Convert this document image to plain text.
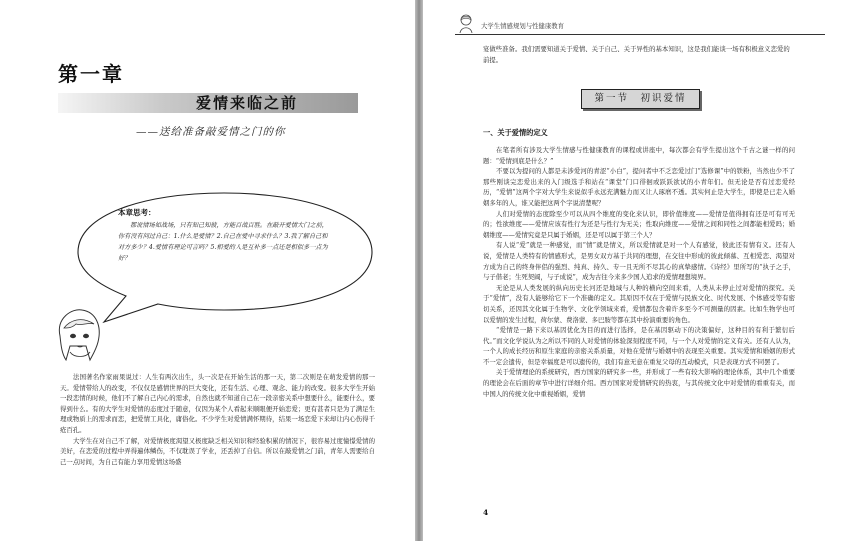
第一章
爱情来临之前
——送给准备敲爱情之门的你
本章思考：
都说情场如战场，只有知己知彼，方能百战百胜。在敲开爱情大门之前，你有没有问过自己：1.什么是爱情？2.自己在爱中寻求什么？3.我了解自己和对方多少？4.爱情有理论可言吗？5.相爱的人是互补多一点还是相似多一点为好？

法国著名作家雨果说过：人生有两次出生，头一次是在开始生活的那一天，第二次则是在萌发爱情的那一天。爱情带给人的改变，不仅仅是感情世界的巨大变化，还有生活、心理、观念、能力的改变。很多大学生开始一段恋情的时候，他们不了解自己内心的需求，自然也就不知道自己在一段亲密关系中想要什么，能要什么，要得到什么。有的大学生对爱情的态度过于随意，仅因为某个人看起来顺眼便开始恋爱；更有甚者只是为了满足生理或物质上的需求而恋，把爱情工具化，庸俗化。不少学生对爱情满怀期待，结果一场恋爱下来却让内心伤得千疮百孔。

大学生在对自己不了解，对爱情极度渴望又极度缺乏相关知识和经验积累的情况下，很容易过度憧憬爱情的美好，在恋爱的过程中弄得遍体鳞伤，不仅耽误了学业，还丢掉了自信。所以在敲爱情之门前，青年人需要给自己一点时间，为自己有能力享用爱情这场盛

大学生情感规划与性健康教育
宴做些准备。我们需要知道关于爱情、关于自己、关于异性的基本知识，这是我们能谈一场有积极意义恋爱的前提。
第一节　初识爱情
一、关于爱情的定义

在笔者所有涉及大学生情感与性健康教育的课程或讲座中，每次都会有学生提出这个千古之谜一样的问题：“爱情到底是什么？”

不要以为提问的人都是未涉爱河的青涩“小白”，提问者中不乏恋爱过门“选修课”中的铁粉，当然也少不了那些刚谈完恋爱出来的入门级选手和站在“课堂”门口徘徊或跃跃欲试的小青年们。但无论是否有过恋爱经历，“爱情”这两个字对大学生来说似乎永远充满魅力而又让人琢磨不透。其实何止是大学生，即使是已走入婚姻多年的人，谁又能把这两个字说清楚呢？

人们对爱情的态度除至少可以从四个维度的变化来认识，即价值维度——爱情是值得拥有还是可有可无的；性欲维度——爱情应该有性行为还是与性行为无关；性取向维度——爱情之间和同性之间都能相爱吗；婚姻维度——爱情究竟是只属于婚姻，还是可以属于第三个人？

有人说“爱”就是一种感觉，而“情”就是情义，所以爱情就是对一个人有感觉，彼此还有情有义。还有人说，爱情是人类特有的情感形式，是男女双方基于共同的理想，在交往中形成的彼此倾慕、互相爱恋、渴望对方成为自己的终身伴侣的强烈、纯真、持久、专一且无所不尽其心的真挚感情。《诗经》里所写的“执子之手，与子偕老；生死契阔，与子成说”，成为古往今来多少国人追求的爱情理想境界。

无论是从人类发展的纵向历史长河还是地域与人种的横向空间来看，人类从未停止过对爱情的探究。关于“爱情”，没有人能够给它下一个准确的定义。其原因不仅在于爱情与民族文化、时代发展、个体感受等有密切关系，还因其文化属于生物学、文化学领域来看，爱情都包含着许多至今不可测量的因素。比如生物学也可以爱情的发生过程，荷尔蒙、费洛蒙、多巴胺等都在其中扮演重要的角色。

“爱情是一路下来以基因优化为目的而进行选择，是在基因驱动下的决策偏好，这种目的有利于繁衍后代。”而文化学说认为之所以不同的人对爱情的体验深刻程度不同，与一个人对爱情的定义有关。还有人认为，一个人的成长经历和原生家庭的亲密关系质量，对他在爱情与婚姻中的表现至关重要。其实爱情和婚姻的形式不一定会遗传，但是幸福度是可以遗传的，我们有意无意在重复父母的互动模式，只是表现方式不同罢了。

关于爱情理论的系统研究，西方国家的研究多一些，并形成了一些有较大影响的理论体系，其中几个重要的理论会在后面的章节中进行详细介绍。西方国家对爱情研究的热衷，与其传统文化中对爱情的看重有关，而中国人的传统文化中重视婚姻，爱情

4
